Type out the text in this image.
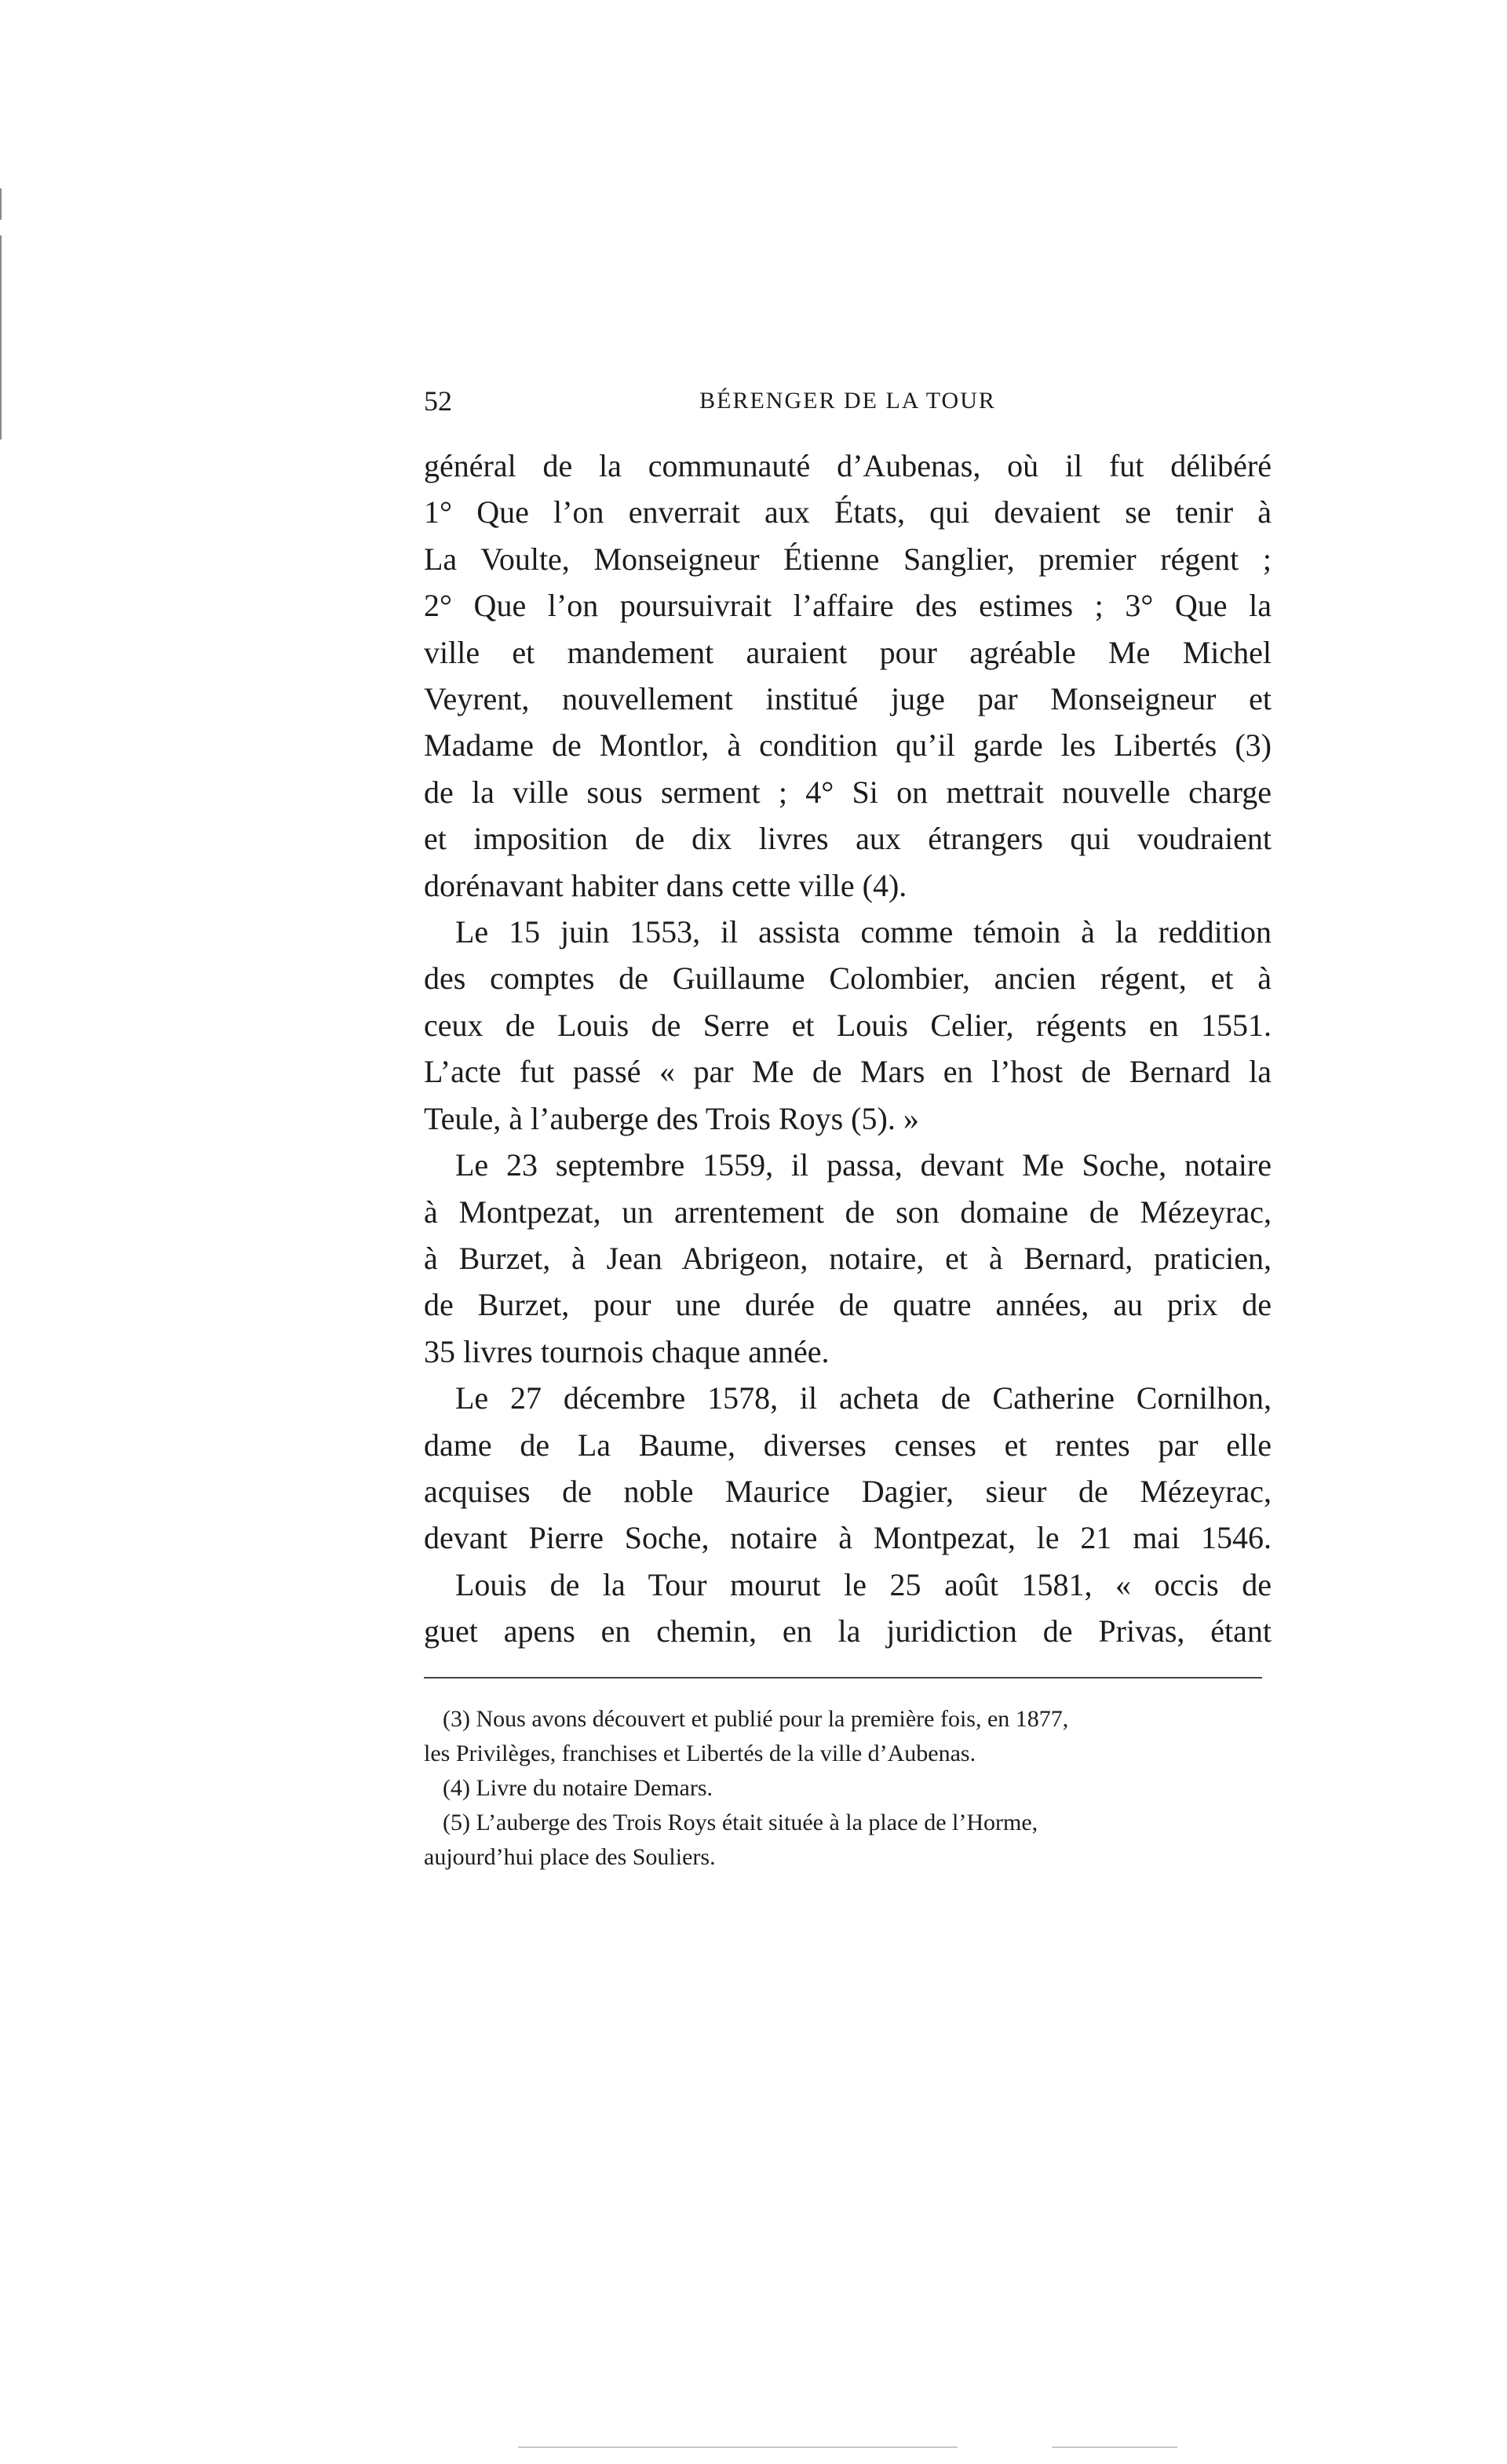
52	BÉRENGER DE LA TOUR
général de la communauté d’Aubenas, où il fut délibéré
1° Que l’on enverrait aux États, qui devaient se tenir à
La Voulte, Monseigneur Étienne Sanglier, premier régent ;
2° Que l’on poursuivrait l’affaire des estimes ; 3° Que la
ville et mandement auraient pour agréable Me Michel
Veyrent, nouvellement institué juge par Monseigneur et
Madame de Montlor, à condition qu’il garde les Libertés (3)
de la ville sous serment ; 4° Si on mettrait nouvelle charge
et imposition de dix livres aux étrangers qui voudraient
dorénavant habiter dans cette ville (4).
Le 15 juin 1553, il assista comme témoin à la reddition
des comptes de Guillaume Colombier, ancien régent, et à
ceux de Louis de Serre et Louis Celier, régents en 1551.
L’acte fut passé « par Me de Mars en l’host de Bernard la
Teule, à l’auberge des Trois Roys (5). »
Le 23 septembre 1559, il passa, devant Me Soche, notaire
à Montpezat, un arrentement de son domaine de Mézeyrac,
à Burzet, à Jean Abrigeon, notaire, et à Bernard, praticien,
de Burzet, pour une durée de quatre années, au prix de
35 livres tournois chaque année.
Le 27 décembre 1578, il acheta de Catherine Cornilhon,
dame de La Baume, diverses censes et rentes par elle
acquises de noble Maurice Dagier, sieur de Mézeyrac,
devant Pierre Soche, notaire à Montpezat, le 21 mai 1546.
Louis de la Tour mourut le 25 août 1581, « occis de
guet apens en chemin, en la juridiction de Privas, étant

(3) Nous avons découvert et publié pour la première fois, en 1877,

les Privilèges, franchises et Libertés de la ville d’Aubenas.

(4) Livre du notaire Demars.

(5) L’auberge des Trois Roys était située à la place de l’Horme,

aujourd’hui place des Souliers.
